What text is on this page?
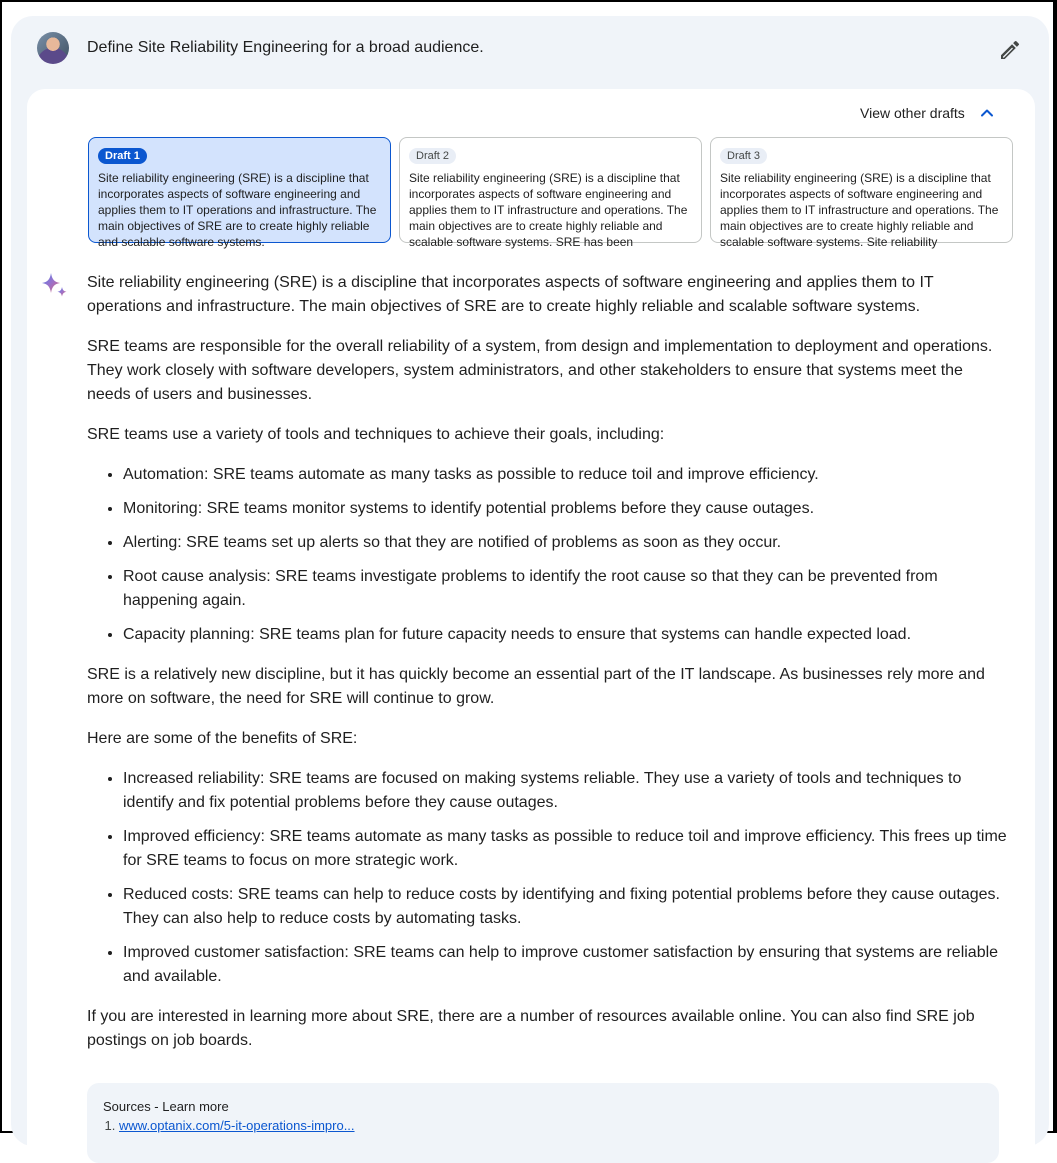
Define Site Reliability Engineering for a broad audience.
View other drafts
Draft 1
Site reliability engineering (SRE) is a discipline that incorporates aspects of software engineering and applies them to IT operations and infrastructure. The main objectives of SRE are to create highly reliable and scalable software systems.
Draft 2
Site reliability engineering (SRE) is a discipline that incorporates aspects of software engineering and applies them to IT infrastructure and operations. The main objectives are to create highly reliable and scalable software systems. SRE has been
Draft 3
Site reliability engineering (SRE) is a discipline that incorporates aspects of software engineering and applies them to IT infrastructure and operations. The main objectives are to create highly reliable and scalable software systems. Site reliability

Site reliability engineering (SRE) is a discipline that incorporates aspects of software engineering and applies them to IT operations and infrastructure. The main objectives of SRE are to create highly reliable and scalable software systems.

SRE teams are responsible for the overall reliability of a system, from design and implementation to deployment and operations. They work closely with software developers, system administrators, and other stakeholders to ensure that systems meet the needs of users and businesses.

SRE teams use a variety of tools and techniques to achieve their goals, including:

• Automation: SRE teams automate as many tasks as possible to reduce toil and improve efficiency.
• Monitoring: SRE teams monitor systems to identify potential problems before they cause outages.
• Alerting: SRE teams set up alerts so that they are notified of problems as soon as they occur.
• Root cause analysis: SRE teams investigate problems to identify the root cause so that they can be prevented from happening again.
• Capacity planning: SRE teams plan for future capacity needs to ensure that systems can handle expected load.

SRE is a relatively new discipline, but it has quickly become an essential part of the IT landscape. As businesses rely more and more on software, the need for SRE will continue to grow.

Here are some of the benefits of SRE:

• Increased reliability: SRE teams are focused on making systems reliable. They use a variety of tools and techniques to identify and fix potential problems before they cause outages.
• Improved efficiency: SRE teams automate as many tasks as possible to reduce toil and improve efficiency. This frees up time for SRE teams to focus on more strategic work.
• Reduced costs: SRE teams can help to reduce costs by identifying and fixing potential problems before they cause outages. They can also help to reduce costs by automating tasks.
• Improved customer satisfaction: SRE teams can help to improve customer satisfaction by ensuring that systems are reliable and available.

If you are interested in learning more about SRE, there are a number of resources available online. You can also find SRE job postings on job boards.

Sources - Learn more
1. www.optanix.com/5-it-operations-impro...
